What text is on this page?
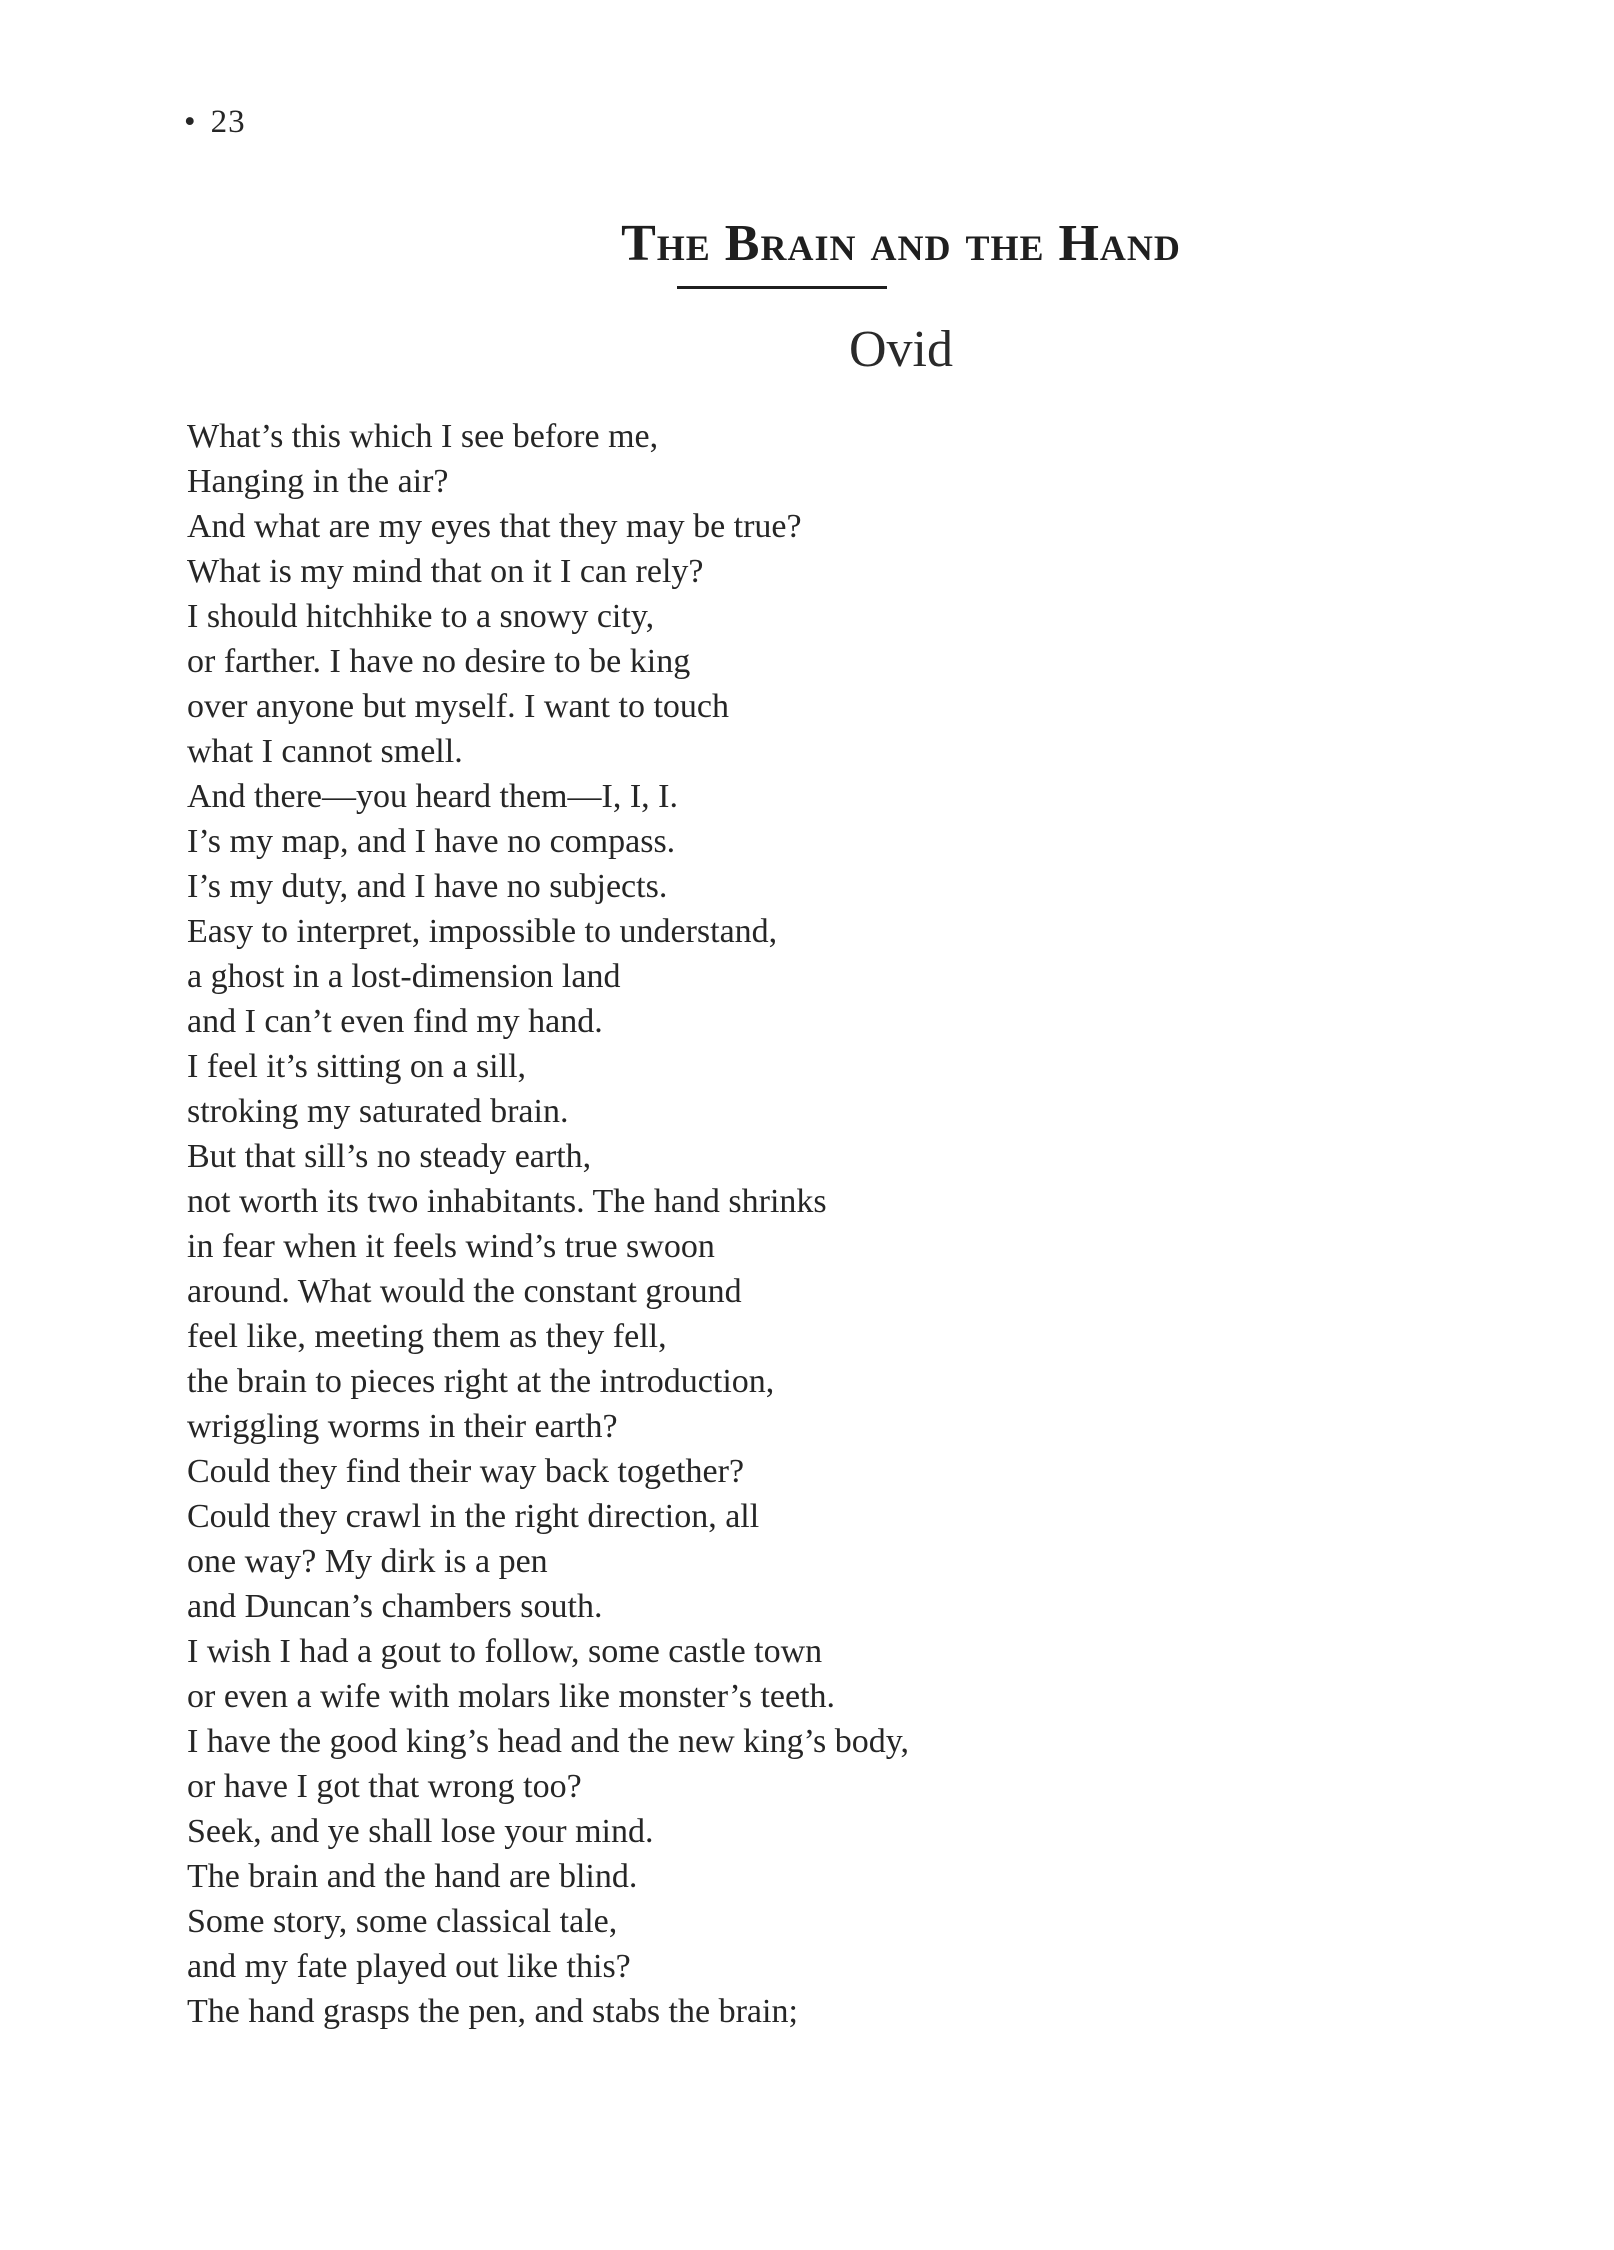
• 23
The Brain and the Hand
Ovid
What’s this which I see before me,
Hanging in the air?
And what are my eyes that they may be true?
What is my mind that on it I can rely?
I should hitchhike to a snowy city,
or farther. I have no desire to be king
over anyone but myself. I want to touch
what I cannot smell.
And there—you heard them—I, I, I.
I’s my map, and I have no compass.
I’s my duty, and I have no subjects.
Easy to interpret, impossible to understand,
a ghost in a lost-dimension land
and I can’t even find my hand.
I feel it’s sitting on a sill,
stroking my saturated brain.
But that sill’s no steady earth,
not worth its two inhabitants. The hand shrinks
in fear when it feels wind’s true swoon
around. What would the constant ground
feel like, meeting them as they fell,
the brain to pieces right at the introduction,
wriggling worms in their earth?
Could they find their way back together?
Could they crawl in the right direction, all
one way? My dirk is a pen
and Duncan’s chambers south.
I wish I had a gout to follow, some castle town
or even a wife with molars like monster’s teeth.
I have the good king’s head and the new king’s body,
or have I got that wrong too?
Seek, and ye shall lose your mind.
The brain and the hand are blind.
Some story, some classical tale,
and my fate played out like this?
The hand grasps the pen, and stabs the brain;
